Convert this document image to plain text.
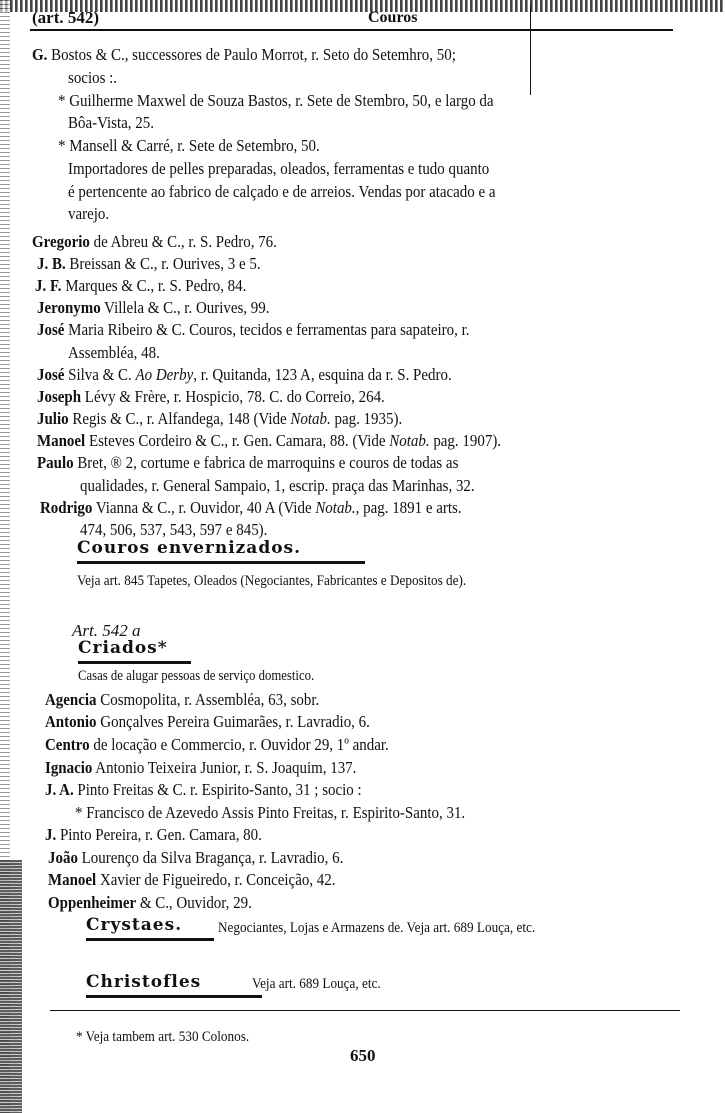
(art. 542)	Couros
G. Bostos & C., successores de Paulo Morrot, r. Seto do Setemhro, 50;
socios :.
* Guilherme Maxwel de Souza Bastos, r. Sete de Stembro, 50, e largo da
Bôa-Vista, 25.
* Mansell & Carré, r. Sete de Setembro, 50.
Importadores de pelles preparadas, oleados, ferramentas e tudo quanto
é pertencente ao fabrico de calçado e de arreios. Vendas por atacado e a
varejo.
Gregorio de Abreu & C., r. S. Pedro, 76.
J. B. Breissan & C., r. Ourives, 3 e 5.
J. F. Marques & C., r. S. Pedro, 84.
Jeronymo Villela & C., r. Ourives, 99.
José Maria Ribeiro & C. Couros, tecidos e ferramentas para sapateiro, r.
Assembléa, 48.
José Silva & C. Ao Derby, r. Quitanda, 123 A, esquina da r. S. Pedro.
Joseph Lévy & Frère, r. Hospicio, 78. C. do Correio, 264.
Julio Regis & C., r. Alfandega, 148 (Vide Notab. pag. 1935).
Manoel Esteves Cordeiro & C., r. Gen. Camara, 88. (Vide Notab. pag. 1907).
Paulo Bret, ® 2, cortume e fabrica de marroquins e couros de todas as
qualidades, r. General Sampaio, 1, escrip. praça das Marinhas, 32.
Rodrigo Vianna & C., r. Ouvidor, 40 A (Vide Notab., pag. 1891 e arts.
474, 506, 537, 543, 597 e 845).
Couros envernizados.
Veja art. 845 Tapetes, Oleados (Negociantes, Fabricantes e Depositos de).
Art. 542 a
Criados*
Casas de alugar pessoas de serviço domestico.
Agencia Cosmopolita, r. Assembléa, 63, sobr.
Antonio Gonçalves Pereira Guimarães, r. Lavradio, 6.
Centro de locação e Commercio, r. Ouvidor 29, 1º andar.
Ignacio Antonio Teixeira Junior, r. S. Joaquim, 137.
J. A. Pinto Freitas & C. r. Espirito-Santo, 31 ; socio :
* Francisco de Azevedo Assis Pinto Freitas, r. Espirito-Santo, 31.
J. Pinto Pereira, r. Gen. Camara, 80.
João Lourenço da Silva Bragança, r. Lavradio, 6.
Manoel Xavier de Figueiredo, r. Conceição, 42.
Oppenheimer & C., Ouvidor, 29.
Crystaes. Negociantes, Lojas e Armazens de. Veja art. 689 Louça, etc.
Christofles	Veja art. 689 Louça, etc.
* Veja tambem art. 530 Colonos.
650
